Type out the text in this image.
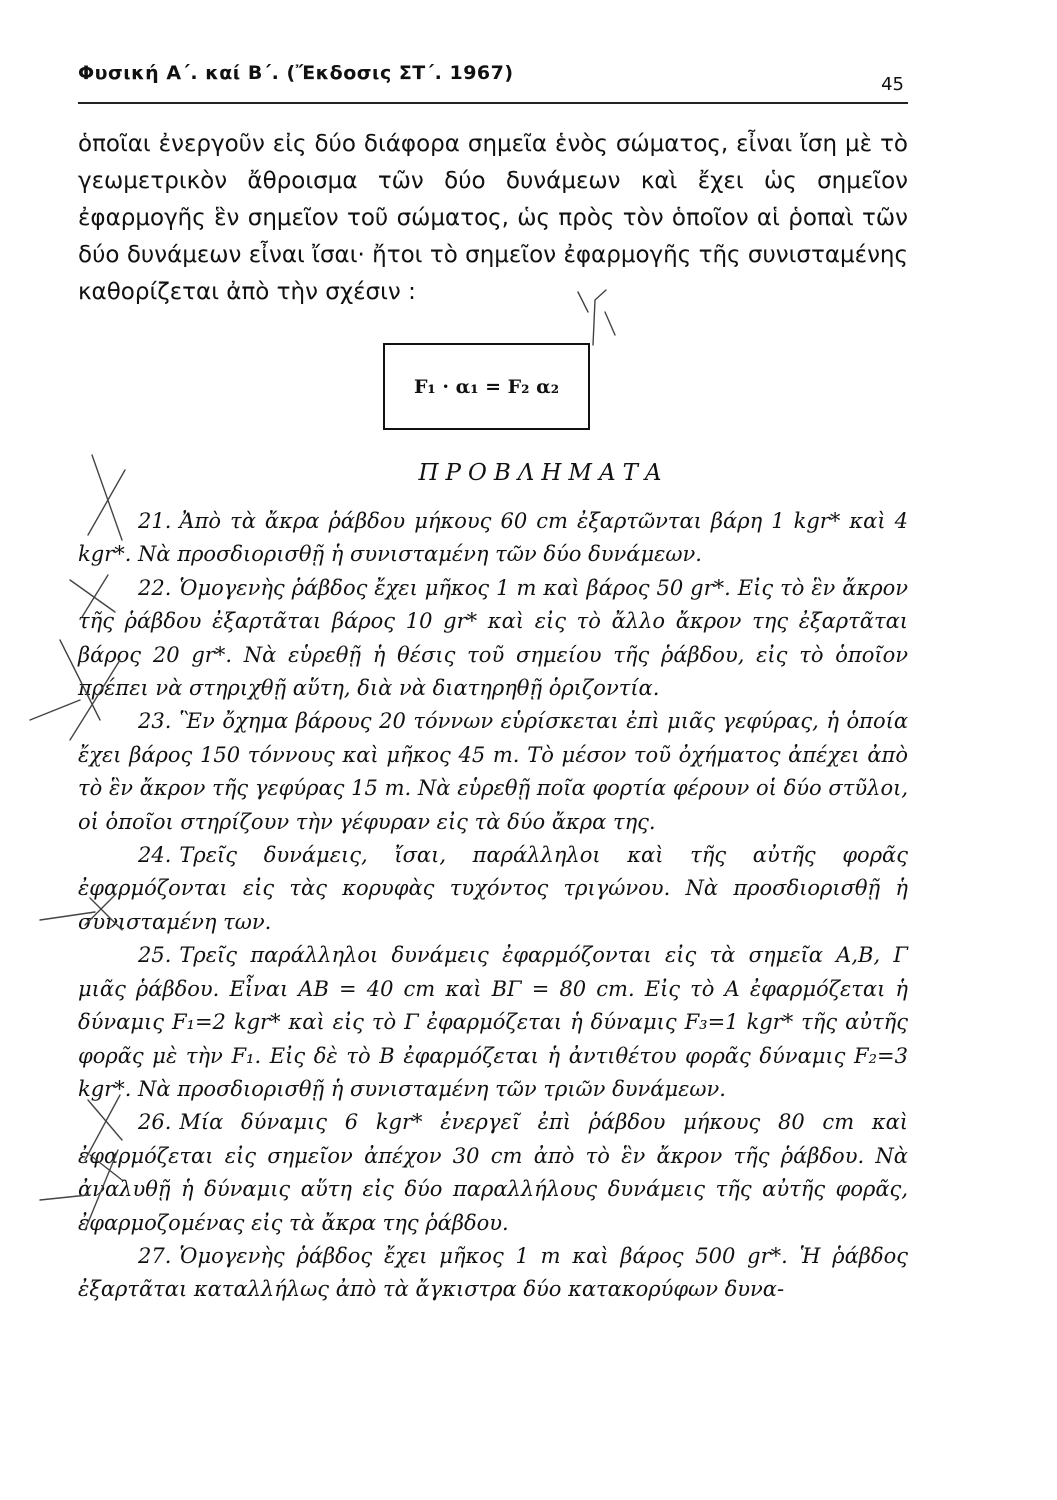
Φυσική Α΄. καί Β΄. (Ἔκδοσις ΣΤ΄. 1967)
45

ὁποῖαι ἐνεργοῦν εἰς δύο διάφορα σημεῖα ἑνὸς σώματος, εἶναι ἴση μὲ τὸ γεωμετρικὸν ἄθροισμα τῶν δύο δυνάμεων καὶ ἔχει ὡς σημεῖον ἐφαρμογῆς ἓν σημεῖον τοῦ σώματος, ὡς πρὸς τὸν ὁποῖον αἱ ῥοπαὶ τῶν δύο δυνάμεων εἶναι ἴσαι· ἤτοι τὸ σημεῖον ἐφαρμογῆς τῆς συνισταμένης καθορίζεται ἀπὸ τὴν σχέσιν :

F₁ · α₁ = F₂ α₂
ΠΡΟΒΛΗΜΑΤΑ

21. Ἀπὸ τὰ ἄκρα ῥάβδου μήκους 60 cm ἐξαρτῶνται βάρη 1 kgr* καὶ 4 kgr*. Νὰ προσδιορισθῇ ἡ συνισταμένη τῶν δύο δυνάμεων.

22. Ὁμογενὴς ῥάβδος ἔχει μῆκος 1 m καὶ βάρος 50 gr*. Εἰς τὸ ἓν ἄκρον τῆς ῥάβδου ἐξαρτᾶται βάρος 10 gr* καὶ εἰς τὸ ἄλλο ἄκρον της ἐξαρτᾶται βάρος 20 gr*. Νὰ εὑρεθῇ ἡ θέσις τοῦ σημείου τῆς ῥάβδου, εἰς τὸ ὁποῖον πρέπει νὰ στηριχθῇ αὕτη, διὰ νὰ διατηρηθῇ ὁριζοντία.

23. Ἓν ὄχημα βάρους 20 τόννων εὑρίσκεται ἐπὶ μιᾶς γεφύρας, ἡ ὁποία ἔχει βάρος 150 τόννους καὶ μῆκος 45 m. Τὸ μέσον τοῦ ὀχήματος ἀπέχει ἀπὸ τὸ ἓν ἄκρον τῆς γεφύρας 15 m. Νὰ εὑρεθῇ ποῖα φορτία φέρουν οἱ δύο στῦλοι, οἱ ὁποῖοι στηρίζουν τὴν γέφυραν εἰς τὰ δύο ἄκρα της.

24. Τρεῖς δυνάμεις, ἴσαι, παράλληλοι καὶ τῆς αὐτῆς φορᾶς ἐφαρμόζονται εἰς τὰς κορυφὰς τυχόντος τριγώνου. Νὰ προσδιορισθῇ ἡ συνισταμένη των.

25. Τρεῖς παράλληλοι δυνάμεις ἐφαρμόζονται εἰς τὰ σημεῖα Α,Β, Γ μιᾶς ῥάβδου. Εἶναι ΑΒ = 40 cm καὶ ΒΓ = 80 cm. Εἰς τὸ Α ἐφαρμόζεται ἡ δύναμις F₁=2 kgr* καὶ εἰς τὸ Γ ἐφαρμόζεται ἡ δύναμις F₃=1 kgr* τῆς αὐτῆς φορᾶς μὲ τὴν F₁. Εἰς δὲ τὸ Β ἐφαρμόζεται ἡ ἀντιθέτου φορᾶς δύναμις F₂=3 kgr*. Νὰ προσδιορισθῇ ἡ συνισταμένη τῶν τριῶν δυνάμεων.

26. Μία δύναμις 6 kgr* ἐνεργεῖ ἐπὶ ῥάβδου μήκους 80 cm καὶ ἐφαρμόζεται εἰς σημεῖον ἀπέχον 30 cm ἀπὸ τὸ ἓν ἄκρον τῆς ῥάβδου. Νὰ ἀναλυθῇ ἡ δύναμις αὕτη εἰς δύο παραλλήλους δυνάμεις τῆς αὐτῆς φορᾶς, ἐφαρμοζομένας εἰς τὰ ἄκρα της ῥάβδου.

27. Ὁμογενὴς ῥάβδος ἔχει μῆκος 1 m καὶ βάρος 500 gr*. Ἡ ῥάβδος ἐξαρτᾶται καταλλήλως ἀπὸ τὰ ἄγκιστρα δύο κατακορύφων δυνα-
